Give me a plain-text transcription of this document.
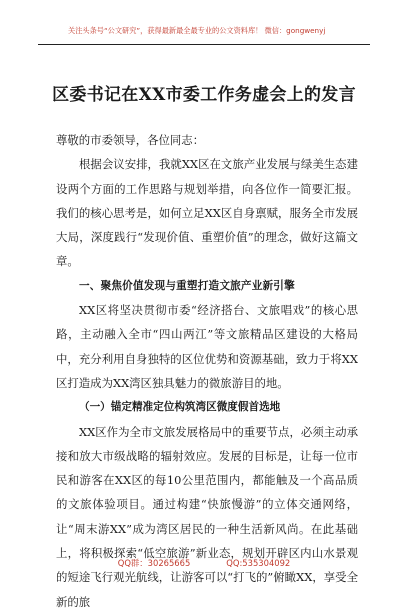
关注头条号“公文研究”，获得最新最全最专业的公文资料库！ 微信：gongwenyj
区委书记在XX市委工作务虚会上的发言

尊敬的市委领导，各位同志：

根据会议安排，我就XX区在文旅产业发展与绿美生态建设两个方面的工作思路与规划举措，向各位作一简要汇报。我们的核心思考是，如何立足XX区自身禀赋，服务全市发展大局，深度践行“发现价值、重塑价值”的理念，做好这篇文章。

一、聚焦价值发现与重塑打造文旅产业新引擎

XX区将坚决贯彻市委“经济搭台、文旅唱戏”的核心思路，主动融入全市“四山两江”等文旅精品区建设的大格局中，充分利用自身独特的区位优势和资源基础，致力于将XX区打造成为XX湾区独具魅力的微旅游目的地。

（一）锚定精准定位构筑湾区微度假首选地

XX区作为全市文旅发展格局中的重要节点，必须主动承接和放大市级战略的辐射效应。发展的目标是，让每一位市民和游客在XX区的每10公里范围内，都能触及一个高品质的文旅体验项目。通过构建“快旅慢游”的立体交通网络，让“周末游XX”成为湾区居民的一种生活新风尚。在此基础上，将积极探索“低空旅游”新业态，规划开辟区内山水景观的短途飞行观光航线，让游客可以“打飞的”俯瞰XX，享受全新的旅

QQ群：30265665	QQ:535304092
